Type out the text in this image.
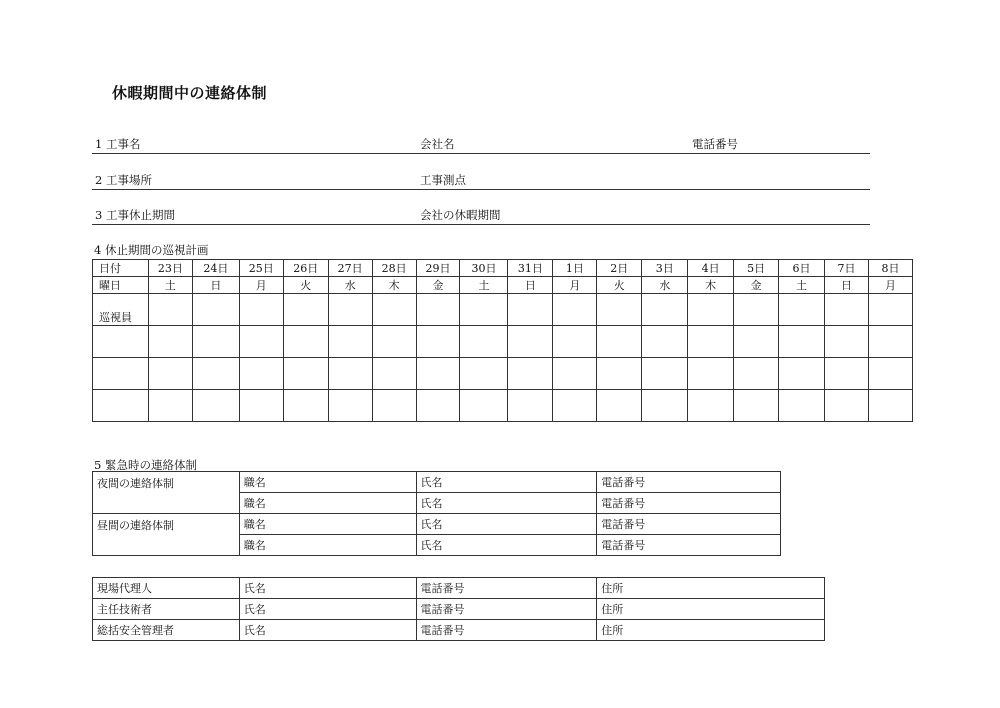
休暇期間中の連絡体制
1 工事名	会社名	電話番号
2 工事場所	工事測点
3 工事休止期間	会社の休暇期間
4 休止期間の巡視計画
日付	23日	24日	25日	26日	27日	28日	29日	30日	31日	1日	2日	3日	4日	5日	6日	7日	8日
曜日	土	日	月	火	水	木	金	土	日	月	火	水	木	金	土	日	月
巡視員																	

5 緊急時の連絡体制
夜間の連絡体制	職名	氏名	電話番号
	職名	氏名	電話番号
昼間の連絡体制	職名	氏名	電話番号
	職名	氏名	電話番号
現場代理人	氏名	電話番号	住所
主任技術者	氏名	電話番号	住所
総括安全管理者	氏名	電話番号	住所
